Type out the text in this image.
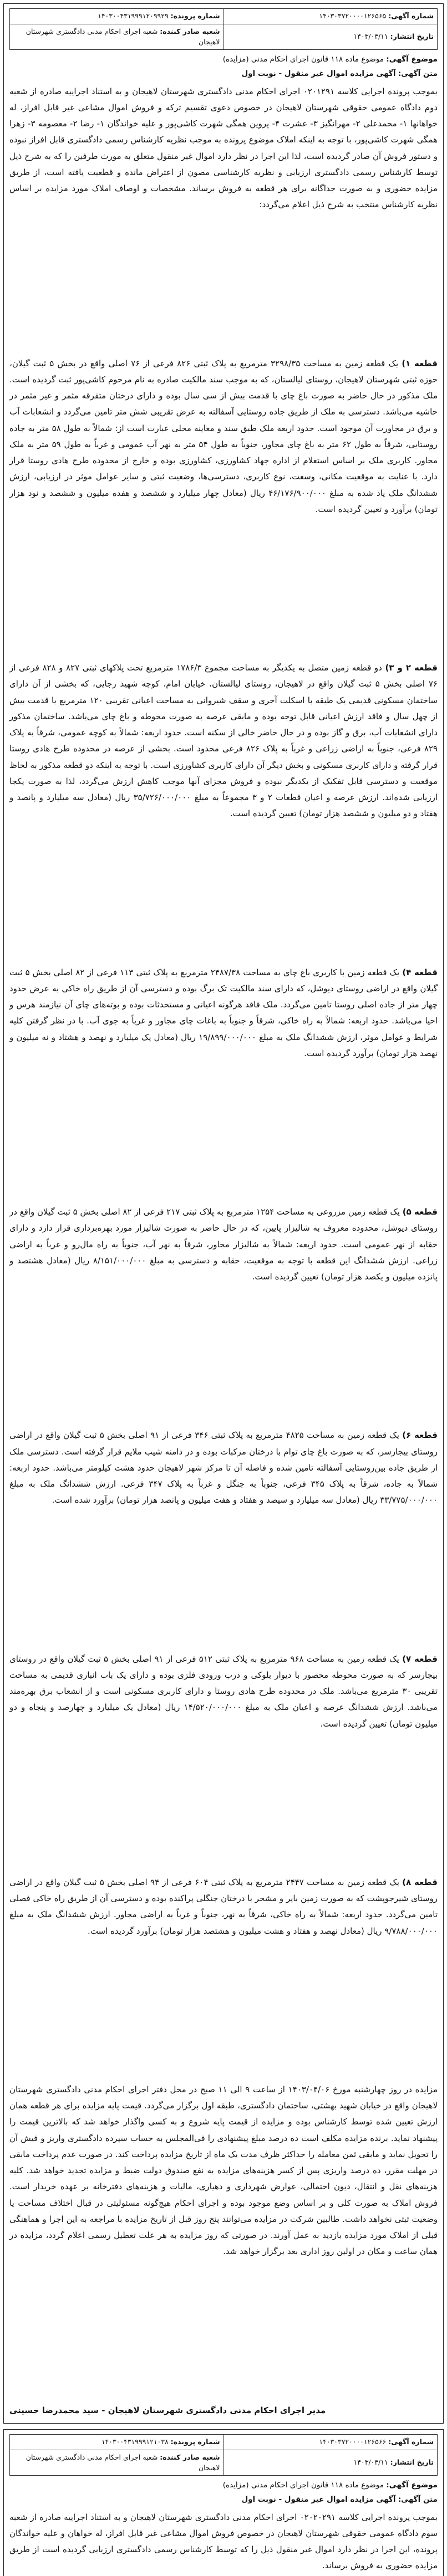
شماره آگهی: ۱۴۰۳۰۳۷۲۰۰۰۰۱۲۶۵۶۵	شماره پرونده: ۱۴۰۳۰۰۴۳۱۹۹۹۱۲۰۹۹۲۹
تاریخ انتشار: ۱۴۰۳/۰۳/۱۱	شعبه صادر کننده: شعبه اجرای احکام مدنی دادگستری شهرستان لاهیجان
موضوع آگهی: موضوع ماده ۱۱۸ قانون اجرای احکام مدنی (مزایده)
متن آگهی: آگهی مزایده اموال غیر منقول - نوبت اول

بموجب پرونده اجرایی کلاسه ۰۲۰۱۲۹۱ اجرای احکام مدنی دادگستری شهرستان لاهیجان و به استناد اجراییه صادره از شعبه دوم دادگاه عمومی حقوقی شهرستان لاهیجان در خصوص دعوی تقسیم ترکه و فروش اموال مشاعی غیر قابل افراز، له خواهانها ۱- محمدعلی ۲- مهرانگیز ۳- عشرت ۴- پروین همگی شهرت کاشی‌پور و علیه خواندگان ۱- رضا ۲- معصومه ۳- زهرا همگی شهرت کاشی‌پور، با توجه به اینکه املاک موضوع پرونده به موجب نظریه کارشناس رسمی دادگستری قابل افراز نبوده و دستور فروش آن صادر گردیده است، لذا این اجرا در نظر دارد اموال غیر منقول متعلق به مورث طرفین را که به شرح ذیل توسط کارشناس رسمی دادگستری ارزیابی و نظریه کارشناسی مصون از اعتراض مانده و قطعیت یافته است، از طریق مزایده حضوری و به صورت جداگانه برای هر قطعه به فروش برساند. مشخصات و اوصاف املاک مورد مزایده بر اساس نظریه کارشناس منتخب به شرح ذیل اعلام می‌گردد:

قطعه ۱) یک قطعه زمین به مساحت ۳۲۹۸/۳۵ مترمربع به پلاک ثبتی ۸۲۶ فرعی از ۷۶ اصلی واقع در بخش ۵ ثبت گیلان، حوزه ثبتی شهرستان لاهیجان، روستای لیالستان، که به موجب سند مالکیت صادره به نام مرحوم کاشی‌پور ثبت گردیده است. ملک مذکور در حال حاضر به صورت باغ چای با قدمت بیش از سی سال بوده و دارای درختان متفرقه مثمر و غیر مثمر در حاشیه می‌باشد. دسترسی به ملک از طریق جاده روستایی آسفالته به عرض تقریبی شش متر تامین می‌گردد و انشعابات آب و برق در مجاورت آن موجود است. حدود اربعه ملک طبق سند و معاینه محلی عبارت است از: شمالاً به طول ۵۸ متر به جاده روستایی، شرقاً به طول ۶۲ متر به باغ چای مجاور، جنوباً به طول ۵۴ متر به نهر آب عمومی و غرباً به طول ۵۹ متر به ملک مجاور. کاربری ملک بر اساس استعلام از اداره جهاد کشاورزی، کشاورزی بوده و خارج از محدوده طرح هادی روستا قرار دارد. با عنایت به موقعیت مکانی، وسعت، نوع کاربری، دسترسی‌ها، وضعیت ثبتی و سایر عوامل موثر در ارزیابی، ارزش ششدانگ ملک یاد شده به مبلغ ۴۶/۱۷۶/۹۰۰/۰۰۰ ریال (معادل چهار میلیارد و ششصد و هفده میلیون و ششصد و نود هزار تومان) برآورد و تعیین گردیده است.

قطعه ۲ و ۳) دو قطعه زمین متصل به یکدیگر به مساحت مجموع ۱۷۸۶/۳ مترمربع تحت پلاکهای ثبتی ۸۲۷ و ۸۲۸ فرعی از ۷۶ اصلی بخش ۵ ثبت گیلان واقع در لاهیجان، روستای لیالستان، خیابان امام، کوچه شهید رجایی، که بخشی از آن دارای ساختمان مسکونی قدیمی یک طبقه با اسکلت آجری و سقف شیروانی به مساحت اعیانی تقریبی ۱۲۰ مترمربع با قدمت بیش از چهل سال و فاقد ارزش اعیانی قابل توجه بوده و مابقی عرصه به صورت محوطه و باغ چای می‌باشد. ساختمان مذکور دارای انشعابات آب، برق و گاز بوده و در حال حاضر خالی از سکنه است. حدود اربعه: شمالاً به کوچه عمومی، شرقاً به پلاک ۸۲۹ فرعی، جنوباً به اراضی زراعی و غرباً به پلاک ۸۲۶ فرعی محدود است. بخشی از عرصه در محدوده طرح هادی روستا قرار گرفته و دارای کاربری مسکونی و بخش دیگر آن دارای کاربری کشاورزی است. با توجه به اینکه دو قطعه مذکور به لحاظ موقعیت و دسترسی قابل تفکیک از یکدیگر نبوده و فروش مجزای آنها موجب کاهش ارزش می‌گردد، لذا به صورت یکجا ارزیابی شده‌اند. ارزش عرصه و اعیان قطعات ۲ و ۳ مجموعاً به مبلغ ۳۵/۷۲۶/۰۰۰/۰۰۰ ریال (معادل سه میلیارد و پانصد و هفتاد و دو میلیون و ششصد هزار تومان) تعیین گردیده است.

قطعه ۴) یک قطعه زمین با کاربری باغ چای به مساحت ۲۴۸۷/۳۸ مترمربع به پلاک ثبتی ۱۱۳ فرعی از ۸۲ اصلی بخش ۵ ثبت گیلان واقع در اراضی روستای دیوشل، که دارای سند مالکیت تک برگ بوده و دسترسی آن از طریق راه خاکی به عرض حدود چهار متر از جاده اصلی روستا تامین می‌گردد. ملک فاقد هرگونه اعیانی و مستحدثات بوده و بوته‌های چای آن نیازمند هرس و احیا می‌باشد. حدود اربعه: شمالاً به راه خاکی، شرقاً و جنوباً به باغات چای مجاور و غرباً به جوی آب. با در نظر گرفتن کلیه شرایط و عوامل موثر، ارزش ششدانگ ملک به مبلغ ۱۹/۸۹۹/۰۰۰/۰۰۰ ریال (معادل یک میلیارد و نهصد و هشتاد و نه میلیون و نهصد هزار تومان) برآورد گردیده است.

قطعه ۵) یک قطعه زمین مزروعی به مساحت ۱۲۵۴ مترمربع به پلاک ثبتی ۲۱۷ فرعی از ۸۲ اصلی بخش ۵ ثبت گیلان واقع در روستای دیوشل، محدوده معروف به شالیزار پایین، که در حال حاضر به صورت شالیزار مورد بهره‌برداری قرار دارد و دارای حقابه از نهر عمومی است. حدود اربعه: شمالاً به شالیزار مجاور، شرقاً به نهر آب، جنوباً به راه مال‌رو و غرباً به اراضی زراعی. ارزش ششدانگ این قطعه با توجه به موقعیت، حقابه و دسترسی به مبلغ ۸/۱۵۱/۰۰۰/۰۰۰ ریال (معادل هشتصد و پانزده میلیون و یکصد هزار تومان) تعیین گردیده است.

قطعه ۶) یک قطعه زمین به مساحت ۴۸۲۵ مترمربع به پلاک ثبتی ۳۴۶ فرعی از ۹۱ اصلی بخش ۵ ثبت گیلان واقع در اراضی روستای بیجارسر، که به صورت باغ چای توام با درختان مرکبات بوده و در دامنه شیب ملایم قرار گرفته است. دسترسی ملک از طریق جاده بین‌روستایی آسفالته تامین شده و فاصله آن تا مرکز شهر لاهیجان حدود هشت کیلومتر می‌باشد. حدود اربعه: شمالاً به جاده، شرقاً به پلاک ۳۴۵ فرعی، جنوباً به جنگل و غرباً به پلاک ۳۴۷ فرعی. ارزش ششدانگ ملک به مبلغ ۳۳/۷۷۵/۰۰۰/۰۰۰ ریال (معادل سه میلیارد و سیصد و هفتاد و هفت میلیون و پانصد هزار تومان) برآورد شده است.

قطعه ۷) یک قطعه زمین به مساحت ۹۶۸ مترمربع به پلاک ثبتی ۵۱۲ فرعی از ۹۱ اصلی بخش ۵ ثبت گیلان واقع در روستای بیجارسر که به صورت محوطه محصور با دیوار بلوکی و درب ورودی فلزی بوده و دارای یک باب انباری قدیمی به مساحت تقریبی ۳۰ مترمربع می‌باشد. ملک در محدوده طرح هادی روستا و دارای کاربری مسکونی است و از انشعاب برق بهره‌مند می‌باشد. ارزش ششدانگ عرصه و اعیان ملک به مبلغ ۱۴/۵۲۰/۰۰۰/۰۰۰ ریال (معادل یک میلیارد و چهارصد و پنجاه و دو میلیون تومان) تعیین گردیده است.

قطعه ۸) یک قطعه زمین به مساحت ۲۴۴۷ مترمربع به پلاک ثبتی ۶۰۴ فرعی از ۹۴ اصلی بخش ۵ ثبت گیلان واقع در اراضی روستای شیرجوپشت که به صورت زمین بایر و مشجر با درختان جنگلی پراکنده بوده و دسترسی آن از طریق راه خاکی فصلی تامین می‌گردد. حدود اربعه: شمالاً به راه خاکی، شرقاً به نهر، جنوباً و غرباً به اراضی مجاور. ارزش ششدانگ ملک به مبلغ ۹/۷۸۸/۰۰۰/۰۰۰ ریال (معادل نهصد و هفتاد و هشت میلیون و هشتصد هزار تومان) برآورد گردیده است.

مزایده در روز چهارشنبه مورخ ۱۴۰۳/۰۴/۰۶ از ساعت ۹ الی ۱۱ صبح در محل دفتر اجرای احکام مدنی دادگستری شهرستان لاهیجان واقع در خیابان شهید بهشتی، ساختمان دادگستری، طبقه اول برگزار می‌گردد. قیمت پایه مزایده برای هر قطعه همان ارزش تعیین شده توسط کارشناس بوده و مزایده از قیمت پایه شروع و به کسی واگذار خواهد شد که بالاترین قیمت را پیشنهاد نماید. برنده مزایده مکلف است ده درصد مبلغ پیشنهادی را فی‌المجلس به حساب سپرده دادگستری واریز و فیش آن را تحویل نماید و مابقی ثمن معامله را حداکثر ظرف مدت یک ماه از تاریخ مزایده پرداخت کند. در صورت عدم پرداخت مابقی در مهلت مقرر، ده درصد واریزی پس از کسر هزینه‌های مزایده به نفع صندوق دولت ضبط و مزایده تجدید خواهد شد. کلیه هزینه‌های نقل و انتقال، دیون احتمالی، عوارض شهرداری و دهیاری، مالیات و هزینه‌های دفترخانه بر عهده خریدار است. فروش املاک به صورت کلی و بر اساس وضع موجود بوده و اجرای احکام هیچ‌گونه مسئولیتی در قبال اختلاف مساحت یا وضعیت ثبتی نخواهد داشت. طالبین شرکت در مزایده می‌توانند پنج روز قبل از تاریخ مزایده با مراجعه به این اجرا و هماهنگی قبلی از املاک مورد مزایده بازدید به عمل آورند. در صورتی که روز مزایده به هر علت تعطیل رسمی اعلام گردد، مزایده در همان ساعت و مکان در اولین روز اداری بعد برگزار خواهد شد.

مدیر اجرای احکام مدنی دادگستری شهرستان لاهیجان - سید محمدرضا حسینی

شماره آگهی: ۱۴۰۳۰۳۷۲۰۰۰۰۱۲۶۵۶۶	شماره پرونده: ۱۴۰۳۰۰۴۳۱۹۹۹۱۲۱۰۳۸
تاریخ انتشار: ۱۴۰۳/۰۳/۱۱	شعبه صادر کننده: شعبه اجرای احکام مدنی دادگستری شهرستان لاهیجان
موضوع آگهی: موضوع ماده ۱۱۸ قانون اجرای احکام مدنی (مزایده)
متن آگهی: آگهی مزایده اموال غیر منقول - نوبت اول

بموجب پرونده اجرایی کلاسه ۰۲۰۲۰۲۹۱ اجرای احکام مدنی دادگستری شهرستان لاهیجان و به استناد اجراییه صادره از شعبه سوم دادگاه عمومی حقوقی شهرستان لاهیجان در خصوص فروش اموال مشاعی غیر قابل افراز، له خواهان و علیه خواندگان پرونده، این اجرا در نظر دارد اموال غیر منقول ذیل را که توسط کارشناس رسمی دادگستری ارزیابی گردیده است از طریق مزایده حضوری به فروش برساند.
